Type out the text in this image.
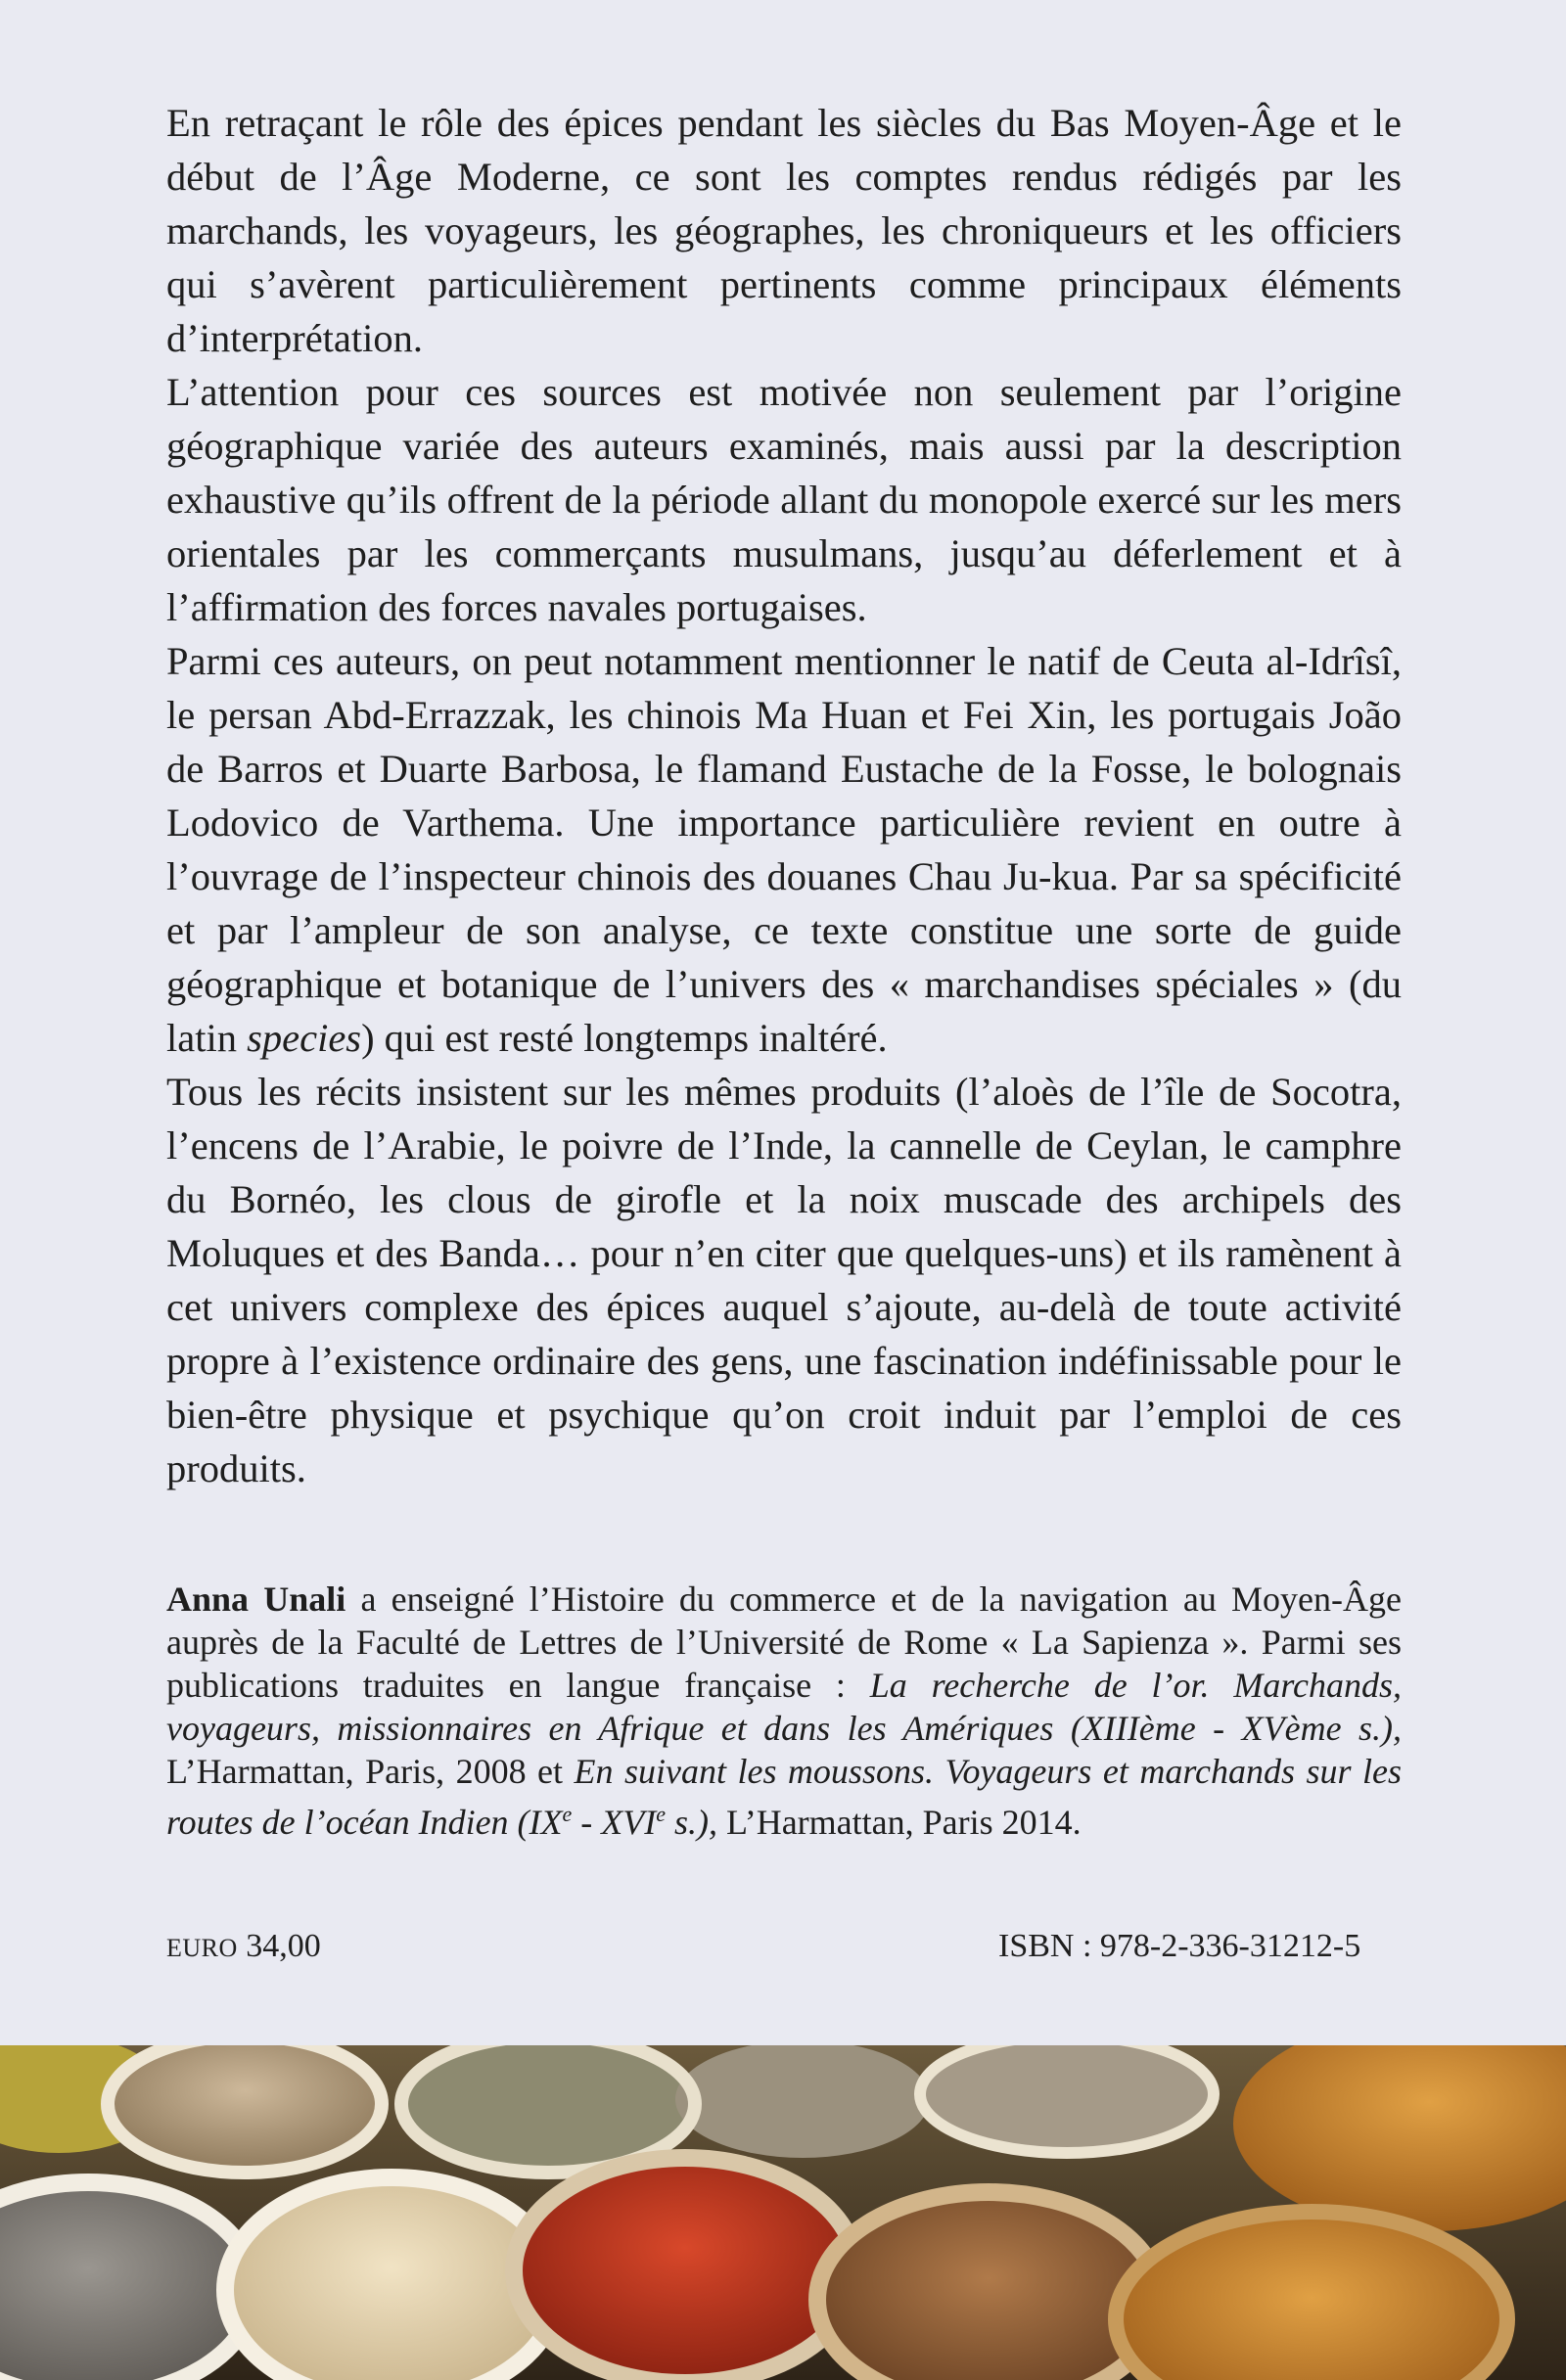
En retraçant le rôle des épices pendant les siècles du Bas Moyen-Âge et le début de l’Âge Moderne, ce sont les comptes rendus rédigés par les marchands, les voyageurs, les géographes, les chroniqueurs et les officiers qui s’avèrent particulièrement pertinents comme principaux éléments d’interprétation.

L’attention pour ces sources est motivée non seulement par l’origine géographique variée des auteurs examinés, mais aussi par la description exhaustive qu’ils offrent de la période allant du monopole exercé sur les mers orientales par les commerçants musulmans, jusqu’au déferlement et à l’affirmation des forces navales portugaises.

Parmi ces auteurs, on peut notamment mentionner le natif de Ceuta al-Idrîsî, le persan Abd-Errazzak, les chinois Ma Huan et Fei Xin, les portugais João de Barros et Duarte Barbosa, le flamand Eustache de la Fosse, le bolognais Lodovico de Varthema. Une importance particulière revient en outre à l’ouvrage de l’inspecteur chinois des douanes Chau Ju-kua. Par sa spécificité et par l’ampleur de son analyse, ce texte constitue une sorte de guide géographique et botanique de l’univers des « marchandises spéciales » (du latin species) qui est resté longtemps inaltéré.

Tous les récits insistent sur les mêmes produits (l’aloès de l’île de Socotra, l’encens de l’Arabie, le poivre de l’Inde, la cannelle de Ceylan, le camphre du Bornéo, les clous de girofle et la noix muscade des archipels des Moluques et des Banda… pour n’en citer que quelques-uns) et ils ramènent à cet univers complexe des épices auquel s’ajoute, au-delà de toute activité propre à l’existence ordinaire des gens, une fascination indéfinissable pour le bien-être physique et psychique qu’on croit induit par l’emploi de ces produits.

Anna Unali a enseigné l’Histoire du commerce et de la navigation au Moyen-Âge auprès de la Faculté de Lettres de l’Université de Rome « La Sapienza ». Parmi ses publications traduites en langue française : La recherche de l’or. Marchands, voyageurs, missionnaires en Afrique et dans les Amériques (XIIIème - XVème s.), L’Harmattan, Paris, 2008 et En suivant les moussons. Voyageurs et marchands sur les routes de l’océan Indien (IXe - XVIe s.), L’Harmattan, Paris 2014.

EURO 34,00	ISBN : 978-2-336-31212-5
